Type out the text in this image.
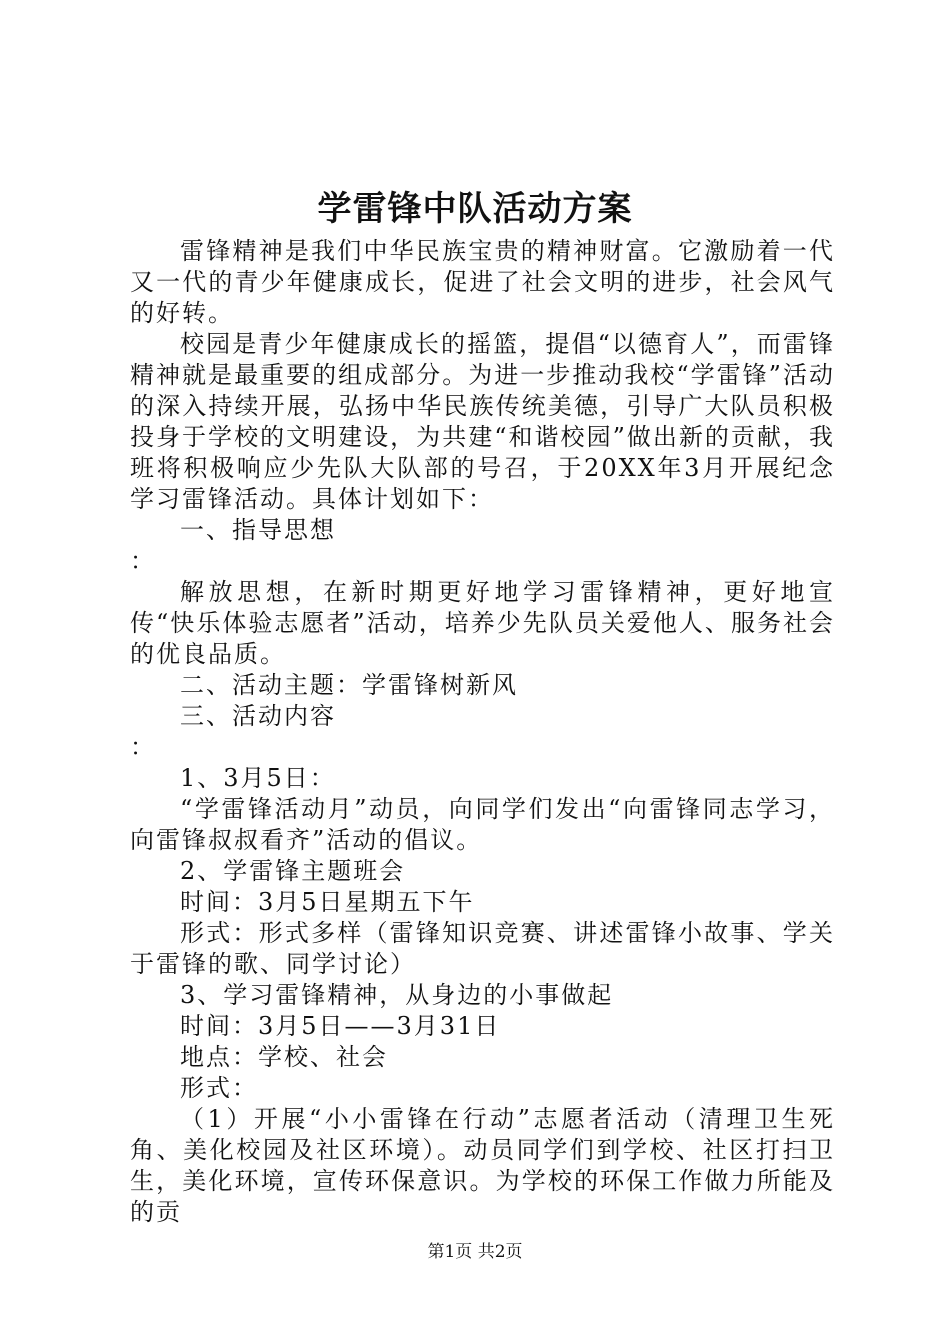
学雷锋中队活动方案

雷锋精神是我们中华民族宝贵的精神财富。它激励着一代又一代的青少年健康成长，促进了社会文明的进步，社会风气的好转。

校园是青少年健康成长的摇篮，提倡“以德育人”，而雷锋精神就是最重要的组成部分。为进一步推动我校“学雷锋”活动的深入持续开展，弘扬中华民族传统美德，引导广大队员积极投身于学校的文明建设，为共建“和谐校园”做出新的贡献，我班将积极响应少先队大队部的号召，于20XX年3月开展纪念学习雷锋活动。具体计划如下：

一、指导思想

：

解放思想，在新时期更好地学习雷锋精神，更好地宣传“快乐体验志愿者”活动，培养少先队员关爱他人、服务社会的优良品质。

二、活动主题：学雷锋树新风

三、活动内容

：

1、3月5日：

“学雷锋活动月”动员，向同学们发出“向雷锋同志学习，向雷锋叔叔看齐”活动的倡议。

2、学雷锋主题班会

时间：3月5日星期五下午

形式：形式多样（雷锋知识竞赛、讲述雷锋小故事、学关于雷锋的歌、同学讨论）

3、学习雷锋精神，从身边的小事做起

时间：3月5日——3月31日

地点：学校、社会

形式：

（1）开展“小小雷锋在行动”志愿者活动（清理卫生死角、美化校园及社区环境）。动员同学们到学校、社区打扫卫生，美化环境，宣传环保意识。为学校的环保工作做力所能及的贡

第1页 共2页
